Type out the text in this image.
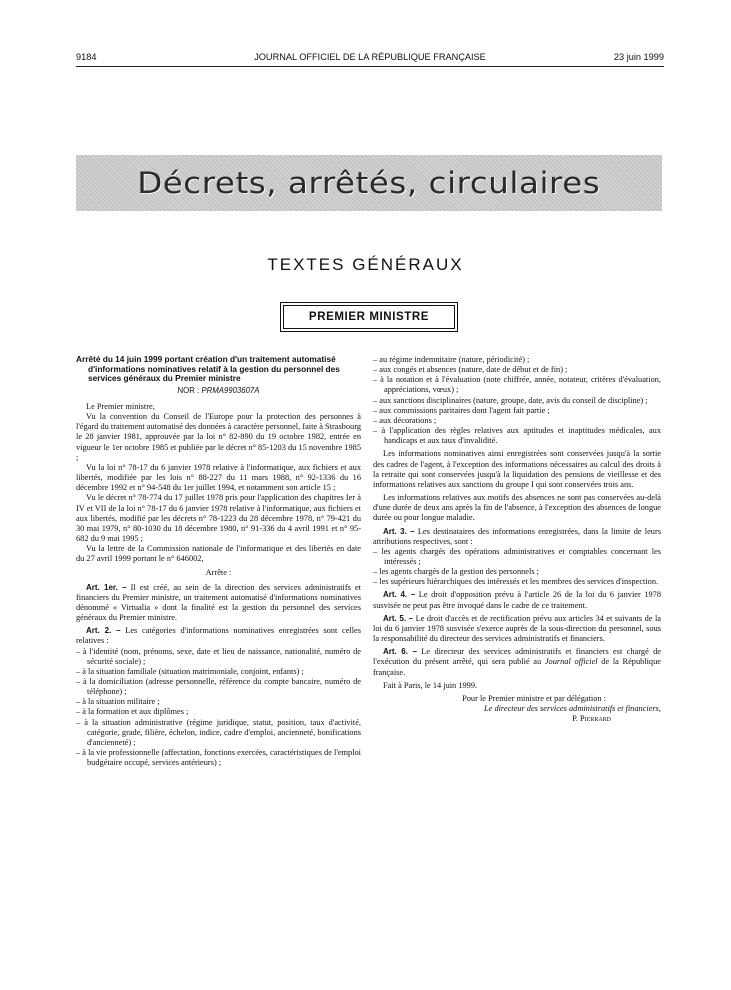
9184	JOURNAL OFFICIEL DE LA RÉPUBLIQUE FRANÇAISE	23 juin 1999
Décrets, arrêtés, circulaires
TEXTES GÉNÉRAUX
PREMIER MINISTRE

Arrêté du 14 juin 1999 portant création d'un traitement automatisé d'informations nominatives relatif à la gestion du personnel des services généraux du Premier ministre

NOR : PRMA9903607A

Le Premier ministre,

Vu la convention du Conseil de l'Europe pour la protection des personnes à l'égard du traitement automatisé des données à caractère personnel, faite à Strasbourg le 28 janvier 1981, approuvée par la loi n° 82-890 du 19 octobre 1982, entrée en vigueur le 1er octobre 1985 et publiée par le décret n° 85-1203 du 15 novembre 1985 ;

Vu la loi n° 78-17 du 6 janvier 1978 relative à l'informatique, aux fichiers et aux libertés, modifiée par les lois n° 88-227 du 11 mars 1988, n° 92-1336 du 16 décembre 1992 et n° 94-548 du 1er juillet 1994, et notamment son article 15 ;

Vu le décret n° 78-774 du 17 juillet 1978 pris pour l'application des chapitres Ier à IV et VII de la loi n° 78-17 du 6 janvier 1978 relative à l'informatique, aux fichiers et aux libertés, modifié par les décrets n° 78-1223 du 28 décembre 1978, n° 79-421 du 30 mai 1979, n° 80-1030 du 18 décembre 1980, n° 91-336 du 4 avril 1991 et n° 95-682 du 9 mai 1995 ;

Vu la lettre de la Commission nationale de l'informatique et des libertés en date du 27 avril 1999 portant le n° 646002,

Arrête :

Art. 1er. – Il est créé, au sein de la direction des services administratifs et financiers du Premier ministre, un traitement automatisé d'informations nominatives dénommé « Virtualia » dont la finalité est la gestion du personnel des services généraux du Premier ministre.

Art. 2. – Les catégories d'informations nominatives enregistrées sont celles relatives :

– à l'identité (nom, prénoms, sexe, date et lieu de naissance, nationalité, numéro de sécurité sociale) ;

– à la situation familiale (situation matrimoniale, conjoint, enfants) ;

– à la domiciliation (adresse personnelle, référence du compte bancaire, numéro de téléphone) ;

– à la situation militaire ;

– à la formation et aux diplômes ;

– à la situation administrative (régime juridique, statut, position, taux d'activité, catégorie, grade, filière, échelon, indice, cadre d'emploi, ancienneté, bonifications d'ancienneté) ;

– à la vie professionnelle (affectation, fonctions exercées, caractéristiques de l'emploi budgétaire occupé, services antérieurs) ;

– au régime indemnitaire (nature, périodicité) ;

– aux congés et absences (nature, date de début et de fin) ;

– à la notation et à l'évaluation (note chiffrée, année, notateur, critères d'évaluation, appréciations, vœux) ;

– aux sanctions disciplinaires (nature, groupe, date, avis du conseil de discipline) ;

– aux commissions paritaires dont l'agent fait partie ;

– aux décorations ;

– à l'application des règles relatives aux aptitudes et inaptitudes médicales, aux handicaps et aux taux d'invalidité.

Les informations nominatives ainsi enregistrées sont conservées jusqu'à la sortie des cadres de l'agent, à l'exception des informations nécessaires au calcul des droits à la retraite qui sont conservées jusqu'à la liquidation des pensions de vieillesse et des informations relatives aux sanctions du groupe I qui sont conservées trois ans.

Les informations relatives aux motifs des absences ne sont pas conservées au-delà d'une durée de deux ans après la fin de l'absence, à l'exception des absences de longue durée ou pour longue maladie.

Art. 3. – Les destinataires des informations enregistrées, dans la limite de leurs attributions respectives, sont :

– les agents chargés des opérations administratives et comptables concernant les intéressés ;

– les agents chargés de la gestion des personnels ;

– les supérieurs hiérarchiques des intéressés et les membres des services d'inspection.

Art. 4. – Le droit d'opposition prévu à l'article 26 de la loi du 6 janvier 1978 susvisée ne peut pas être invoqué dans le cadre de ce traitement.

Art. 5. – Le droit d'accès et de rectification prévu aux articles 34 et suivants de la loi du 6 janvier 1978 susvisée s'exerce auprès de la sous-direction du personnel, sous la responsabilité du directeur des services administratifs et financiers.

Art. 6. – Le directeur des services administratifs et financiers est chargé de l'exécution du présent arrêté, qui sera publié au Journal officiel de la République française.

Fait à Paris, le 14 juin 1999.

Pour le Premier ministre et par délégation :

Le directeur des services administratifs et financiers,

P. Pierrard
